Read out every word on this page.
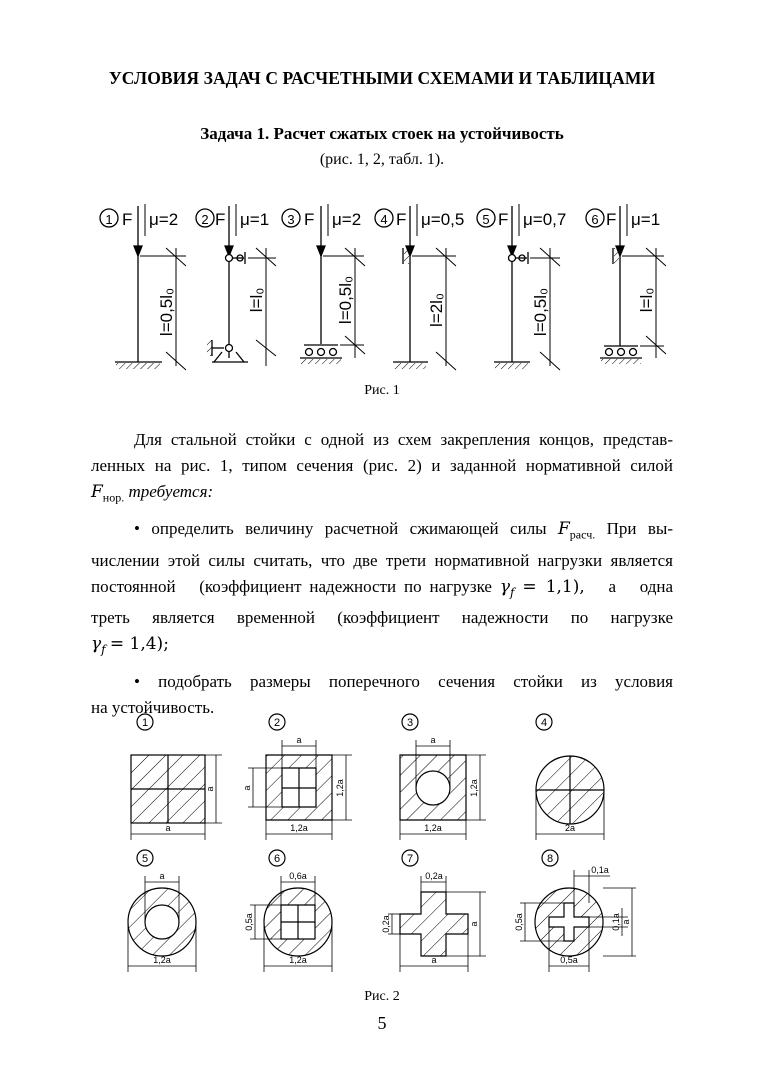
УСЛОВИЯ ЗАДАЧ С РАСЧЕТНЫМИ СХЕМАМИ И ТАБЛИЦАМИ
Задача 1. Расчет сжатых стоек на устойчивость
(рис. 1, 2, табл. 1).
1 F μ=2
l=0,5l₀
2 F μ=1
l=l₀
3 F μ=2
l=0,5l₀
4 F μ=0,5
l=2l₀
5 F μ=0,7
l=0,5l₀
6 F μ=1
l=l₀
Рис. 1

Для стальной стойки с одной из схем закрепления концов, представ-

ленных на рис. 1, типом сечения (рис. 2) и заданной нормативной силой

$F_{нор.}$ требуется:

• определить величину расчетной сжимающей силы $F_{расч.}$ При вы-

числении этой силы считать, что две трети нормативной нагрузки является

постоянной (коэффициент надежности по нагрузке $\gamma_f = 1,1$), а одна

треть является временной (коэффициент надежности по нагрузке

$\gamma_f = 1,4$);

• подобрать размеры поперечного сечения стойки из условия

на устойчивость.

1
a
a
2
a
a
1,2a
1,2a
3
a
1,2a
1,2a
4
2a
5
a
1,2a
6
0,6a
0,5a
1,2a
7
0,2a
0,2a
a
a
8
0,1a
0,1a
0,5a	a
0,5a
Рис. 2
5
